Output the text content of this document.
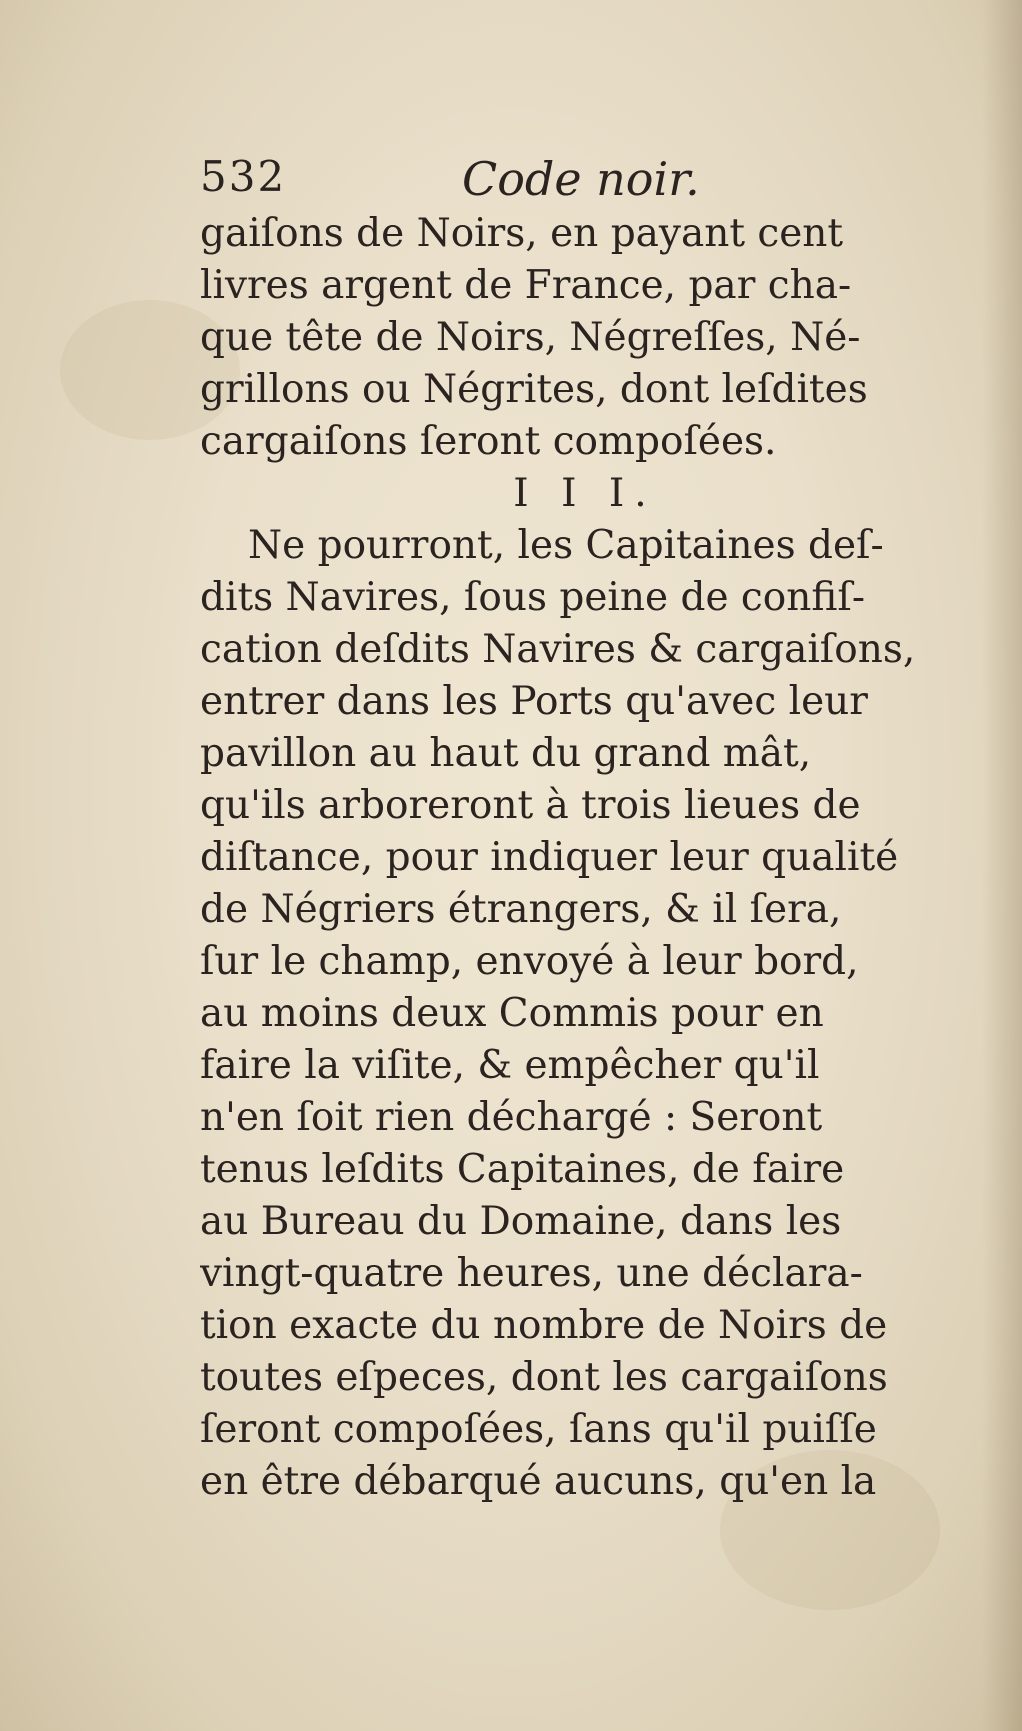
532	Code noir.
gaiſons de Noirs, en payant cent
livres argent de France, par cha-
que tête de Noirs, Négreſſes, Né-
grillons ou Négrites, dont leſdites
cargaiſons ſeront compoſées.
I I I.
Ne pourront, les Capitaines deſ-
dits Navires, ſous peine de confiſ-
cation deſdits Navires & cargaiſons,
entrer dans les Ports qu'avec leur
pavillon au haut du grand mât,
qu'ils arboreront à trois lieues de
diſtance, pour indiquer leur qualité
de Négriers étrangers, & il ſera,
ſur le champ, envoyé à leur bord,
au moins deux Commis pour en
faire la viſite, & empêcher qu'il
n'en ſoit rien déchargé : Seront
tenus leſdits Capitaines, de faire
au Bureau du Domaine, dans les
vingt-quatre heures, une déclara-
tion exacte du nombre de Noirs de
toutes eſpeces, dont les cargaiſons
ſeront compoſées, ſans qu'il puiſſe
en être débarqué aucuns, qu'en la
